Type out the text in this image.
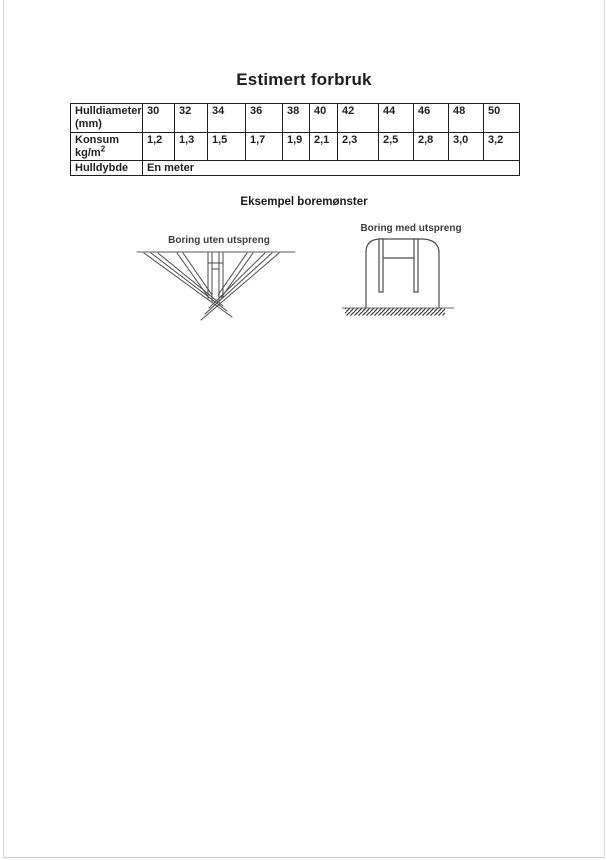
Estimert forbruk
Hulldiameter
(mm)	30	32	34	36	38	40	42	44	46	48	50
Konsum
$kg/m^2$	1,2	1,3	1,5	1,7	1,9	2,1	2,3	2,5	2,8	3,0	3,2
Hulldybde	En meter										
Eksempel boremønster
Boring uten utspreng
Boring med utspreng
